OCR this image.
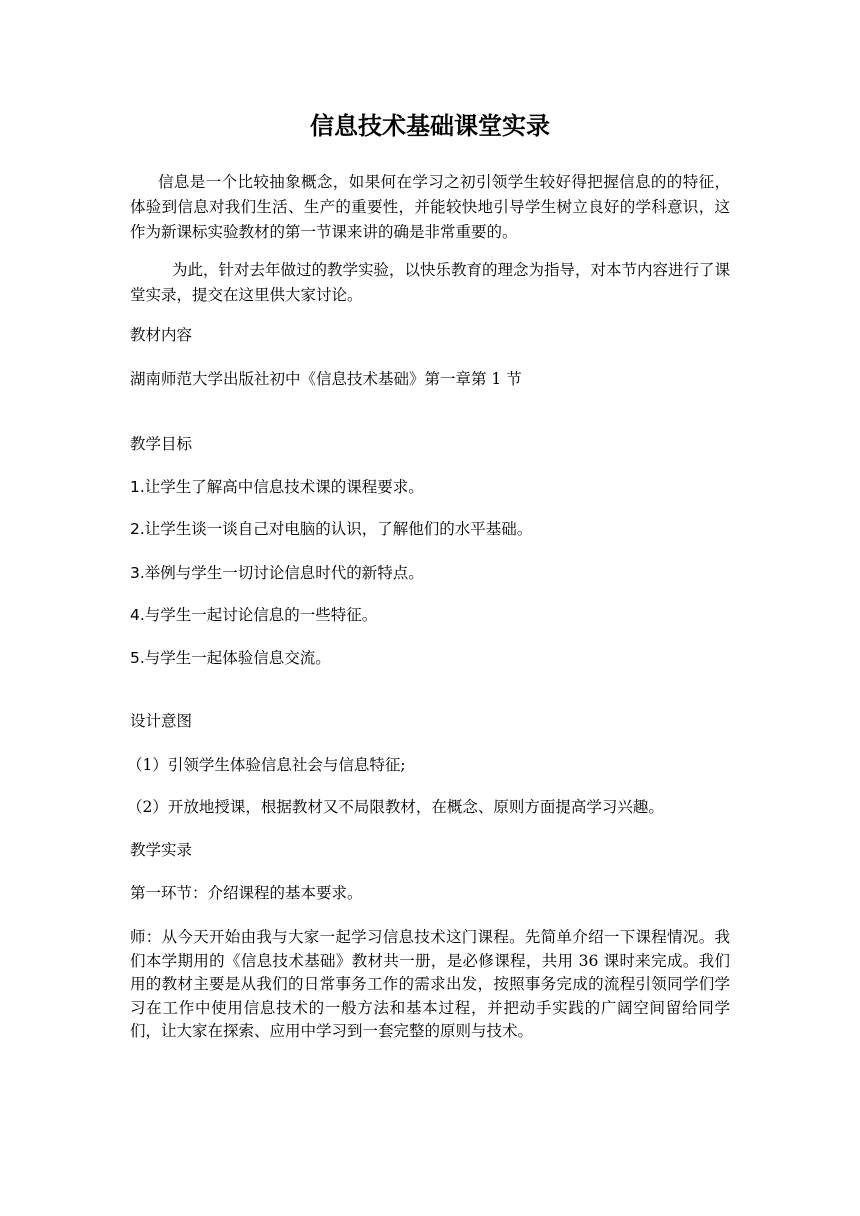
信息技术基础课堂实录

信息是一个比较抽象概念，如果何在学习之初引领学生较好得把握信息的的特征，体验到信息对我们生活、生产的重要性，并能较快地引导学生树立良好的学科意识，这作为新课标实验教材的第一节课来讲的确是非常重要的。

为此，针对去年做过的教学实验，以快乐教育的理念为指导，对本节内容进行了课堂实录，提交在这里供大家讨论。

教材内容

湖南师范大学出版社初中《信息技术基础》第一章第 1 节

教学目标

1.让学生了解高中信息技术课的课程要求。

2.让学生谈一谈自己对电脑的认识，了解他们的水平基础。

3.举例与学生一切讨论信息时代的新特点。

4.与学生一起讨论信息的一些特征。

5.与学生一起体验信息交流。

设计意图

（1）引领学生体验信息社会与信息特征;

（2）开放地授课，根据教材又不局限教材，在概念、原则方面提高学习兴趣。

教学实录

第一环节：介绍课程的基本要求。

师：从今天开始由我与大家一起学习信息技术这门课程。先简单介绍一下课程情况。我们本学期用的《信息技术基础》教材共一册，是必修课程，共用 36 课时来完成。我们用的教材主要是从我们的日常事务工作的需求出发，按照事务完成的流程引领同学们学习在工作中使用信息技术的一般方法和基本过程，并把动手实践的广阔空间留给同学们，让大家在探索、应用中学习到一套完整的原则与技术。
